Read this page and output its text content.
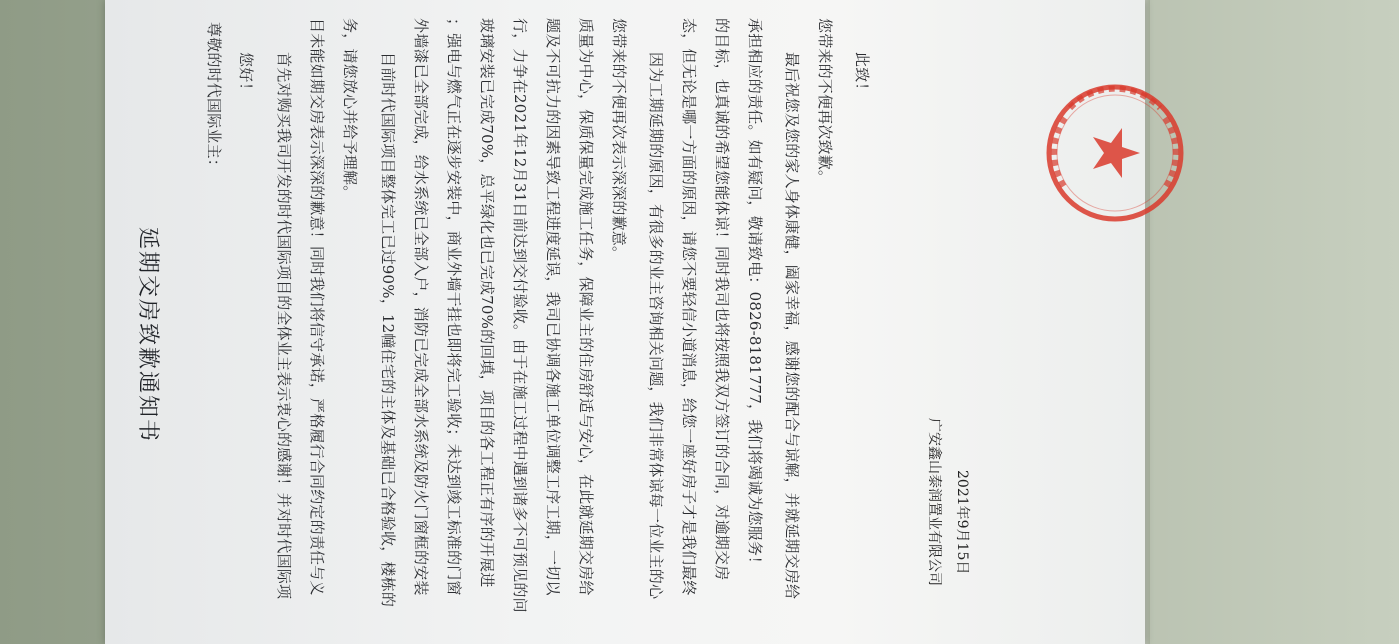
延期交房致歉通知书
尊敬的时代国际业主： 您好！ 首先对购买我司开发的时代国际项目的全体业主表示衷心的感谢！并对时代国际项 目未能如期交房表示深深的歉意！同时我们将信守承诺，严格履行合同约定的责任与义 务，请您放心并给予理解。 目前时代国际项目整体完工已过90%，12幢住宅的主体及基础已合格验收，楼栋的 外墙漆已全部完成，给水系统已全部入户，消防已完成全部水系统及防火门窗框的安装 ；强电与燃气正在逐步安装中，商业外墙干挂也即将完工验收；未达到竣工标准的门窗 玻璃安装已完成70%，总平绿化也已完成70%的回填，项目的各工程正有序的开展进 行，力争在2021年12月31日前达到交付验收。由于在施工过程中遇到诸多不可预见的问 题及不可抗力的因素导致工程进度延误，我司已协调各施工单位调整工序工期，一切以 质量为中心，保质保量完成施工任务，保障业主的住房舒适与安心，在此就延期交房给 您带来的不便再次表示深深的歉意。 因为工期延期的原因，有很多的业主咨询相关问题，我们非常体谅每一位业主的心 态，但无论是哪一方面的原因，请您不要轻信小道消息，给您一座好房子才是我们最终 的目标，也真诚的希望您能体谅！同时我司也将按照我双方签订的合同，对逾期交房 承担相应的责任。如有疑问，敬请致电：0826-8181777，我们将竭诚为您服务！ 最后祝您及您的家人身体康健，阖家幸福，感谢您的配合与谅解，并就延期交房给 您带来的不便再次致歉。 此致！
广安鑫山泰润置业有限公司 2021年9月15日
